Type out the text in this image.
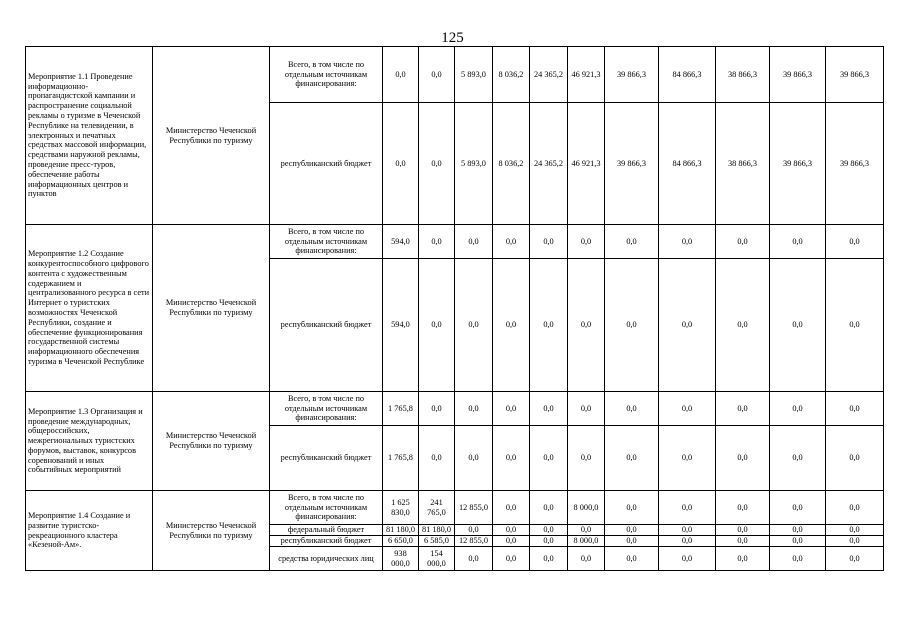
125
Мероприятие 1.1 Проведение информационно-пропагандистской кампании и распространение социальной рекламы о туризме в Чеченской Республике на телевидении, в электронных и печатных средствах массовой информации, средствами наружной рекламы, проведение пресс-туров, обеспечение работы информационных центров и пунктов	Министерство Чеченской Республики по туризму	Всего, в том числе по отдельным источникам финансирования:	0,0	0,0	5 893,0	8 036,2	24 365,2	46 921,3	39 866,3	84 866,3	38 866,3	39 866,3	39 866,3
		республиканский бюджет	0,0	0,0	5 893,0	8 036,2	24 365,2	46 921,3	39 866,3	84 866,3	38 866,3	39 866,3	39 866,3
Мероприятие 1.2 Создание конкурентоспособного цифрового контента с художественным содержанием и централизованного ресурса в сети Интернет о туристских возможностях Чеченской Республики, создание и обеспечение функционирования государственной системы информационного обеспечения туризма в Чеченской Республике	Министерство Чеченской Республики по туризму	Всего, в том числе по отдельным источникам финансирования:	594,0	0,0	0,0	0,0	0,0	0,0	0,0	0,0	0,0	0,0	0,0
		республиканский бюджет	594,0	0,0	0,0	0,0	0,0	0,0	0,0	0,0	0,0	0,0	0,0
Мероприятие 1.3 Организация и проведение международных, общероссийских, межрегиональных туристских форумов, выставок, конкурсов соревнований и иных событийных мероприятий	Министерство Чеченской Республики по туризму	Всего, в том числе по отдельным источникам финансирования:	1 765,8	0,0	0,0	0,0	0,0	0,0	0,0	0,0	0,0	0,0	0,0
		республиканский бюджет	1 765,8	0,0	0,0	0,0	0,0	0,0	0,0	0,0	0,0	0,0	0,0
Мероприятие 1.4 Создание и развитие туристско-рекреационного кластера «Кезеной-Ам».	Министерство Чеченской Республики по туризму	Всего, в том числе по отдельным источникам финансирования:	1 625 830,0	241 765,0	12 855,0	0,0	0,0	8 000,0	0,0	0,0	0,0	0,0	0,0
		федеральный бюджет	81 180,0	81 180,0	0,0	0,0	0,0	0,0	0,0	0,0	0,0	0,0	0,0
		республиканский бюджет	6 650,0	6 585,0	12 855,0	0,0	0,0	8 000,0	0,0	0,0	0,0	0,0	0,0
		средства юридических лиц	938 000,0	154 000,0	0,0	0,0	0,0	0,0	0,0	0,0	0,0	0,0	0,0
